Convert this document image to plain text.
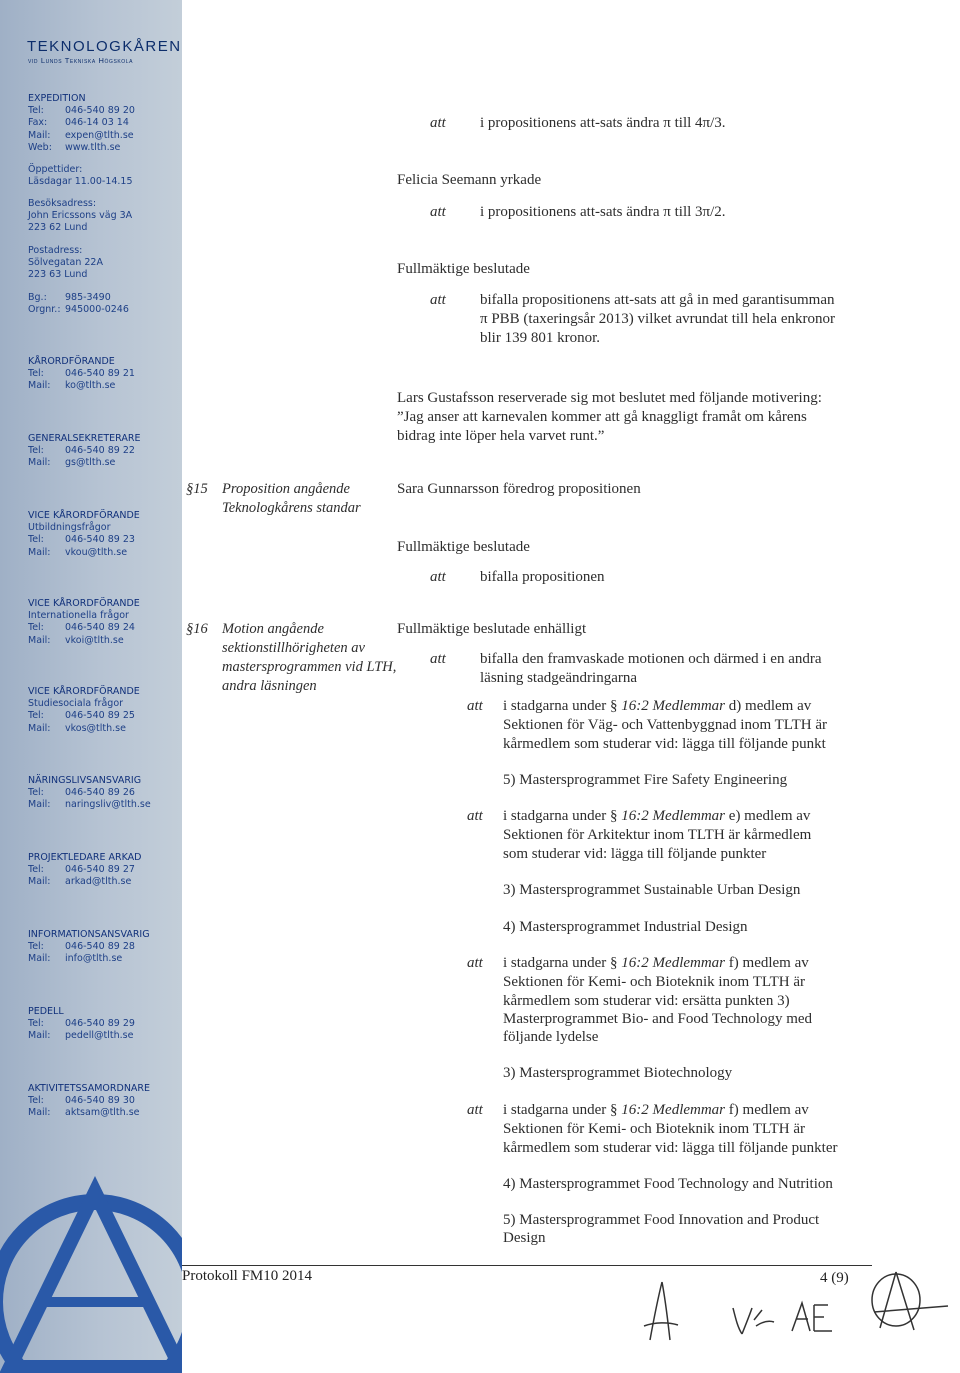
TEKNOLOGKÅREN
vid Lunds Tekniska Högskola
EXPEDITION
Tel:	046-540 89 20
Fax:	046-14 03 14
Mail:	expen@tlth.se
Web:	www.tlth.se
Öppettider:
Läsdagar 11.00-14.15
Besöksadress:
John Ericssons väg 3A
223 62 Lund
Postadress:
Sölvegatan 22A
223 63 Lund
Bg.:	985-3490
Orgnr.: 945000-0246
KÅRORDFÖRANDE
Tel:	046-540 89 21
Mail:	ko@tlth.se
GENERALSEKRETERARE
Tel:	046-540 89 22
Mail:	gs@tlth.se
VICE KÅRORDFÖRANDE
Utbildningsfrågor
Tel:	046-540 89 23
Mail:	vkou@tlth.se
VICE KÅRORDFÖRANDE
Internationella frågor
Tel:	046-540 89 24
Mail:	vkoi@tlth.se
VICE KÅRORDFÖRANDE
Studiesociala frågor
Tel:	046-540 89 25
Mail:	vkos@tlth.se
NÄRINGSLIVSANSVARIG
Tel:	046-540 89 26
Mail:	naringsliv@tlth.se
PROJEKTLEDARE ARKAD
Tel:	046-540 89 27
Mail:	arkad@tlth.se
INFORMATIONSANSVARIG
Tel:	046-540 89 28
Mail:	info@tlth.se
PEDELL
Tel:	046-540 89 29
Mail:	pedell@tlth.se
AKTIVITETSSAMORDNARE
Tel:	046-540 89 30
Mail:	aktsam@tlth.se
att i propositionens att-sats ändra π till 4π/3.
Felicia Seemann yrkade
att i propositionens att-sats ändra π till 3π/2.
Fullmäktige beslutade
att bifalla propositionens att-sats att gå in med garantisumman
π PBB (taxeringsår 2013) vilket avrundat till hela enkronor
blir 139 801 kronor.
Lars Gustafsson reserverade sig mot beslutet med följande motivering:
”Jag anser att karnevalen kommer att gå knaggligt framåt om kårens
bidrag inte löper hela varvet runt.”
§15 Proposition angående
Teknologkårens standar
Sara Gunnarsson föredrog propositionen
Fullmäktige beslutade
att bifalla propositionen
§16 Motion angående
sektionstillhörigheten av
mastersprogrammen vid LTH,
andra läsningen
Fullmäktige beslutade enhälligt
att bifalla den framvaskade motionen och därmed i en andra
läsning stadgeändringarna
att i stadgarna under § 16:2 Medlemmar d) medlem av
Sektionen för Väg- och Vattenbyggnad inom TLTH är
kårmedlem som studerar vid: lägga till följande punkt
5) Mastersprogrammet Fire Safety Engineering
att i stadgarna under § 16:2 Medlemmar e) medlem av
Sektionen för Arkitektur inom TLTH är kårmedlem
som studerar vid: lägga till följande punkter
3) Mastersprogrammet Sustainable Urban Design
4) Mastersprogrammet Industrial Design
att i stadgarna under § 16:2 Medlemmar f) medlem av
Sektionen för Kemi- och Bioteknik inom TLTH är
kårmedlem som studerar vid: ersätta punkten 3)
Masterprogrammet Bio- and Food Technology med
följande lydelse
3) Mastersprogrammet Biotechnology
att i stadgarna under § 16:2 Medlemmar f) medlem av
Sektionen för Kemi- och Bioteknik inom TLTH är
kårmedlem som studerar vid: lägga till följande punkter
4) Mastersprogrammet Food Technology and Nutrition
5) Mastersprogrammet Food Innovation and Product
Design
Protokoll FM10 2014	4 (9)
